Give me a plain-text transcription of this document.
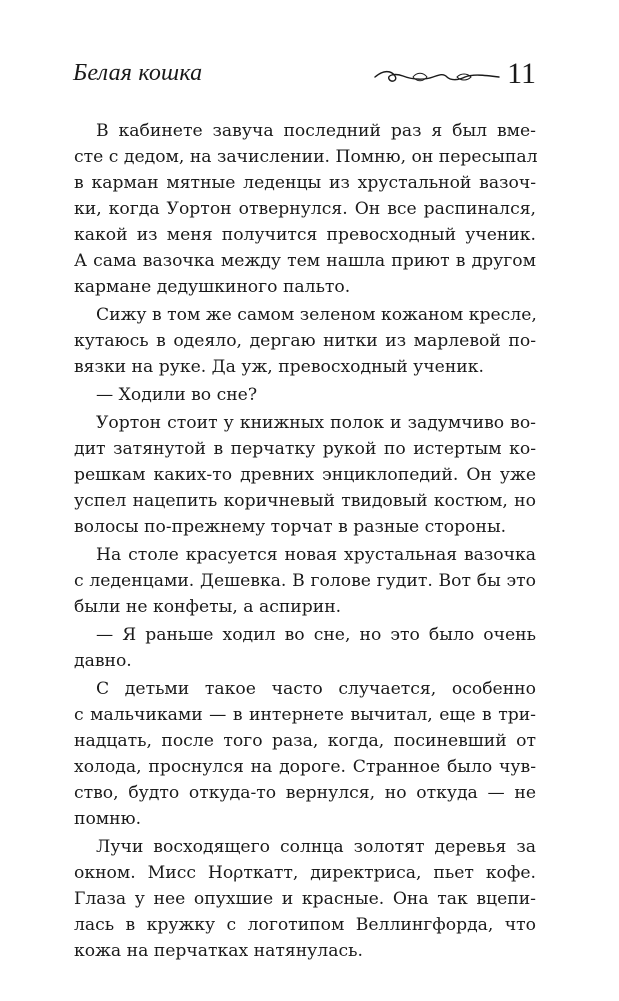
Белая кошка	11
В кабинете завуча последний раз я был вме-
сте с дедом, на зачислении. Помню, он пересыпал
в карман мятные леденцы из хрустальной вазоч-
ки, когда Уортон отвернулся. Он все распинался,
какой из меня получится превосходный ученик.
А сама вазочка между тем нашла приют в другом
кармане дедушкиного пальто.
Сижу в том же самом зеленом кожаном кресле,
кутаюсь в одеяло, дергаю нитки из марлевой по-
вязки на руке. Да уж, превосходный ученик.
— Ходили во сне?
Уортон стоит у книжных полок и задумчиво во-
дит затянутой в перчатку рукой по истертым ко-
решкам каких-то древних энциклопедий. Он уже
успел нацепить коричневый твидовый костюм, но
волосы по-прежнему торчат в разные стороны.
На столе красуется новая хрустальная вазочка
с леденцами. Дешевка. В голове гудит. Вот бы это
были не конфеты, а аспирин.
— Я раньше ходил во сне, но это было очень
давно.
С детьми такое часто случается, особенно
с мальчиками — в интернете вычитал, еще в три-
надцать, после того раза, когда, посиневший от
холода, проснулся на дороге. Странное было чув-
ство, будто откуда-то вернулся, но откуда — не
помню.
Лучи восходящего солнца золотят деревья за
окном. Мисс Нορткатт, директриса, пьет кофе.
Глаза у нее опухшие и красные. Она так вцепи-
лась в кружку с логотипом Веллингфорда, что
кожа на перчатках натянулась.
